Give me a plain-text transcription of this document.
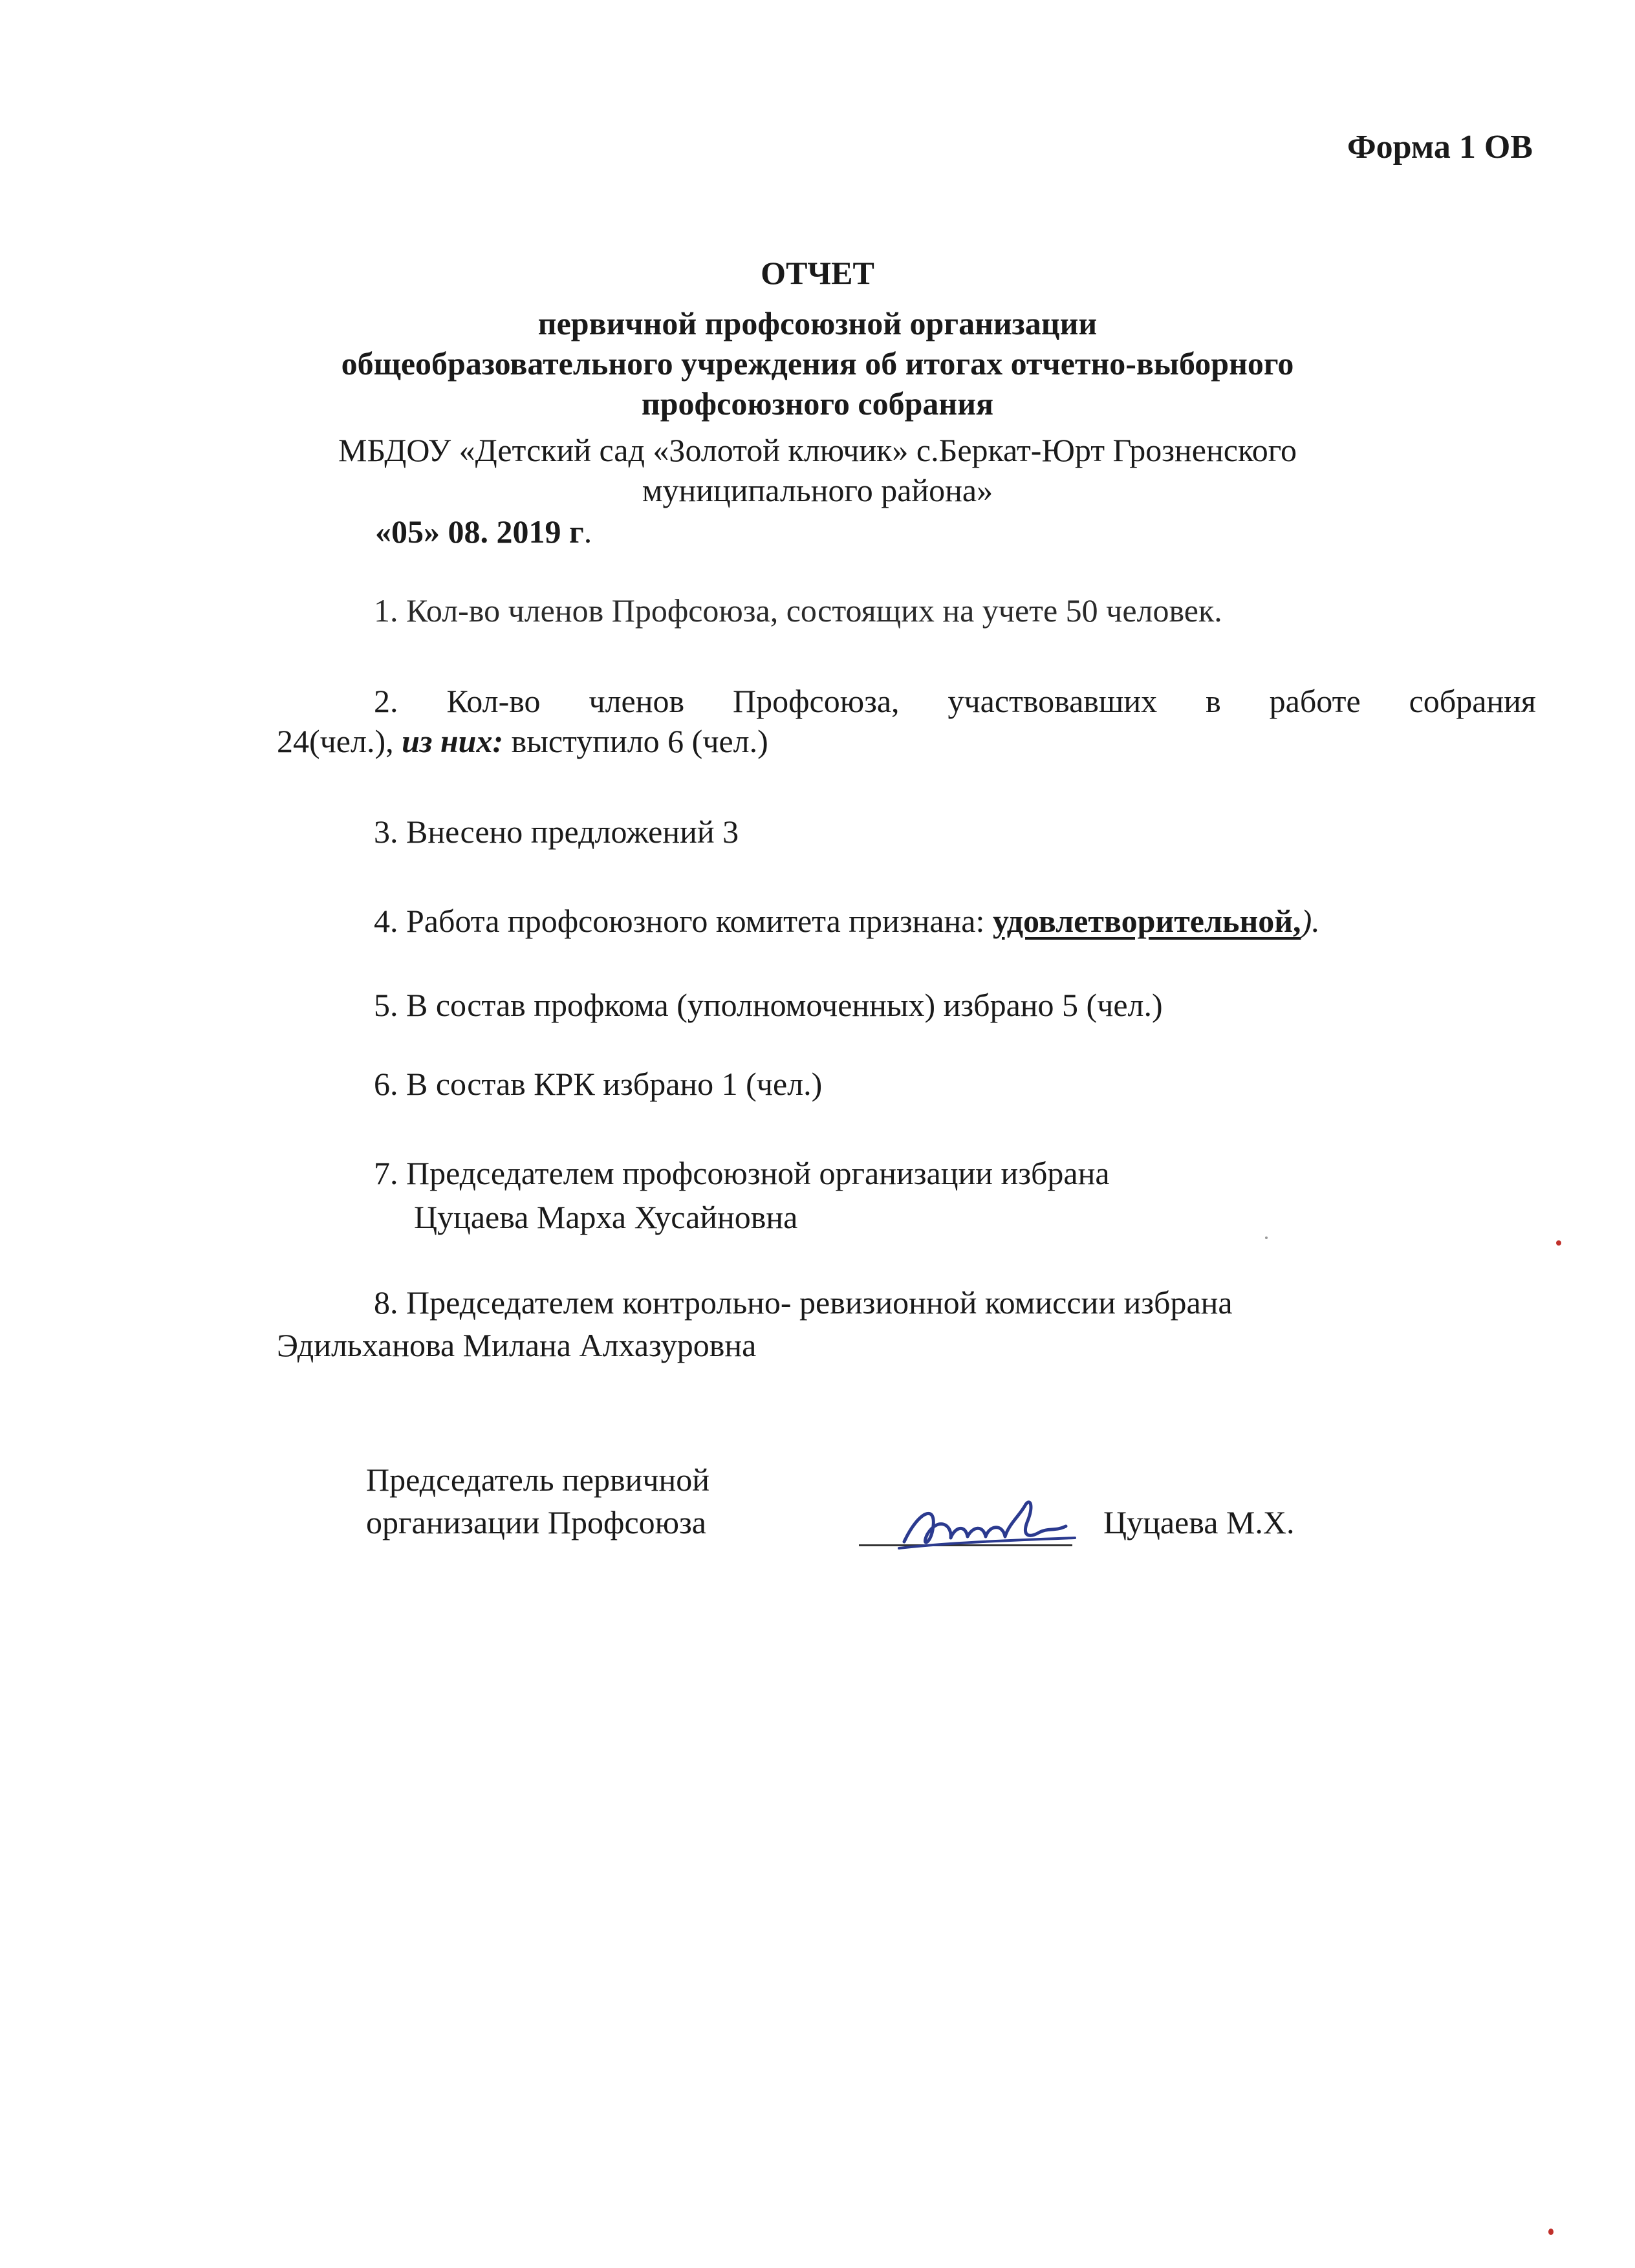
Форма 1 ОВ
ОТЧЕТ
первичной профсоюзной организации
общеобразовательного учреждения об итогах отчетно-выборного
профсоюзного собрания
МБДОУ «Детский сад «Золотой ключик» с.Беркат-Юрт Грозненского
муниципального района»
«05» 08. 2019 г.
1. Кол-во членов Профсоюза, состоящих на учете 50 человек.
2. Кол-во членов Профсоюза, участвовавших в работе собрания
24(чел.), из них: выступило 6 (чел.)
3. Внесено предложений 3
4. Работа профсоюзного комитета признана: удовлетворительной,).
5. В состав профкома (уполномоченных) избрано 5 (чел.)
6. В состав КРК избрано 1 (чел.)
7. Председателем профсоюзной организации избрана
Цуцаева Марха Хусайновна
8. Председателем контрольно- ревизионной комиссии избрана
Эдильханова Милана Алхазуровна
Председатель первичной
организации Профсоюза	Цуцаева М.Х.
